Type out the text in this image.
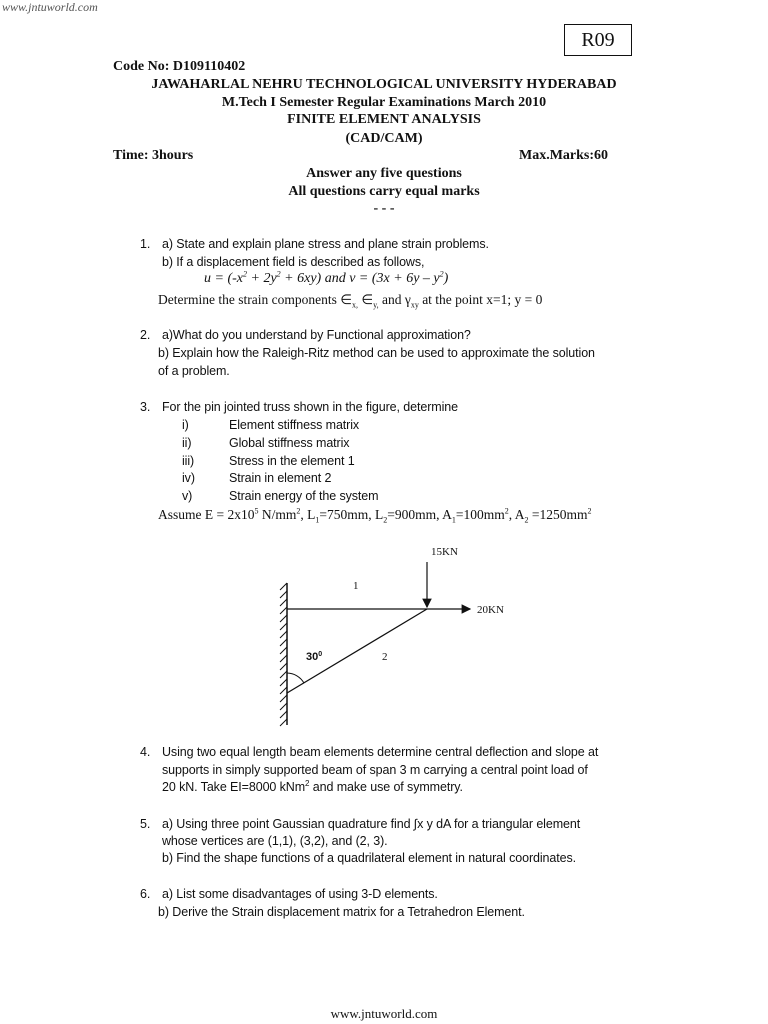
www.jntuworld.com
R09
Code No: D109110402
JAWAHARLAL NEHRU TECHNOLOGICAL UNIVERSITY HYDERABAD
M.Tech I Semester Regular Examinations March 2010
FINITE ELEMENT ANALYSIS
(CAD/CAM)
Time: 3hours	Max.Marks:60
Answer any five questions
All questions carry equal marks
- - -
1. a) State and explain plane stress and plane strain problems.
b) If a displacement field is described as follows,
$u = (-x^2 + 2y^2 + 6xy)$ and $v = (3x + 6y - y^2)$
Determine the strain components $\in_{x,}$ $\in_{y,}$ and $\gamma_{xy}$ at the point x=1; y = 0
2. a)What do you understand by Functional approximation?
b) Explain how the Raleigh-Ritz method can be used to approximate the solution
of a problem.
3. For the pin jointed truss shown in the figure, determine
i)	Element stiffness matrix
ii)	Global stiffness matrix
iii)	Stress in the element 1
iv)	Strain in element 2
v)	Strain energy of the system
Assume $E = 2x10^5$ $N/mm^2$, $L_1=750mm$, $L_2=900mm$, $A_1=100mm^2$, $A_2 =1250mm^2$
15KN
20KN
1
2
$30^0$
4. Using two equal length beam elements determine central deflection and slope at
supports in simply supported beam of span 3 m carrying a central point load of
20 kN. Take EI=8000 kNm$^2$ and make use of symmetry.
5. a) Using three point Gaussian quadrature find ∫x y dA for a triangular element
whose vertices are (1,1), (3,2), and (2, 3).
b) Find the shape functions of a quadrilateral element in natural coordinates.
6. a) List some disadvantages of using 3-D elements.
b) Derive the Strain displacement matrix for a Tetrahedron Element.
www.jntuworld.com
